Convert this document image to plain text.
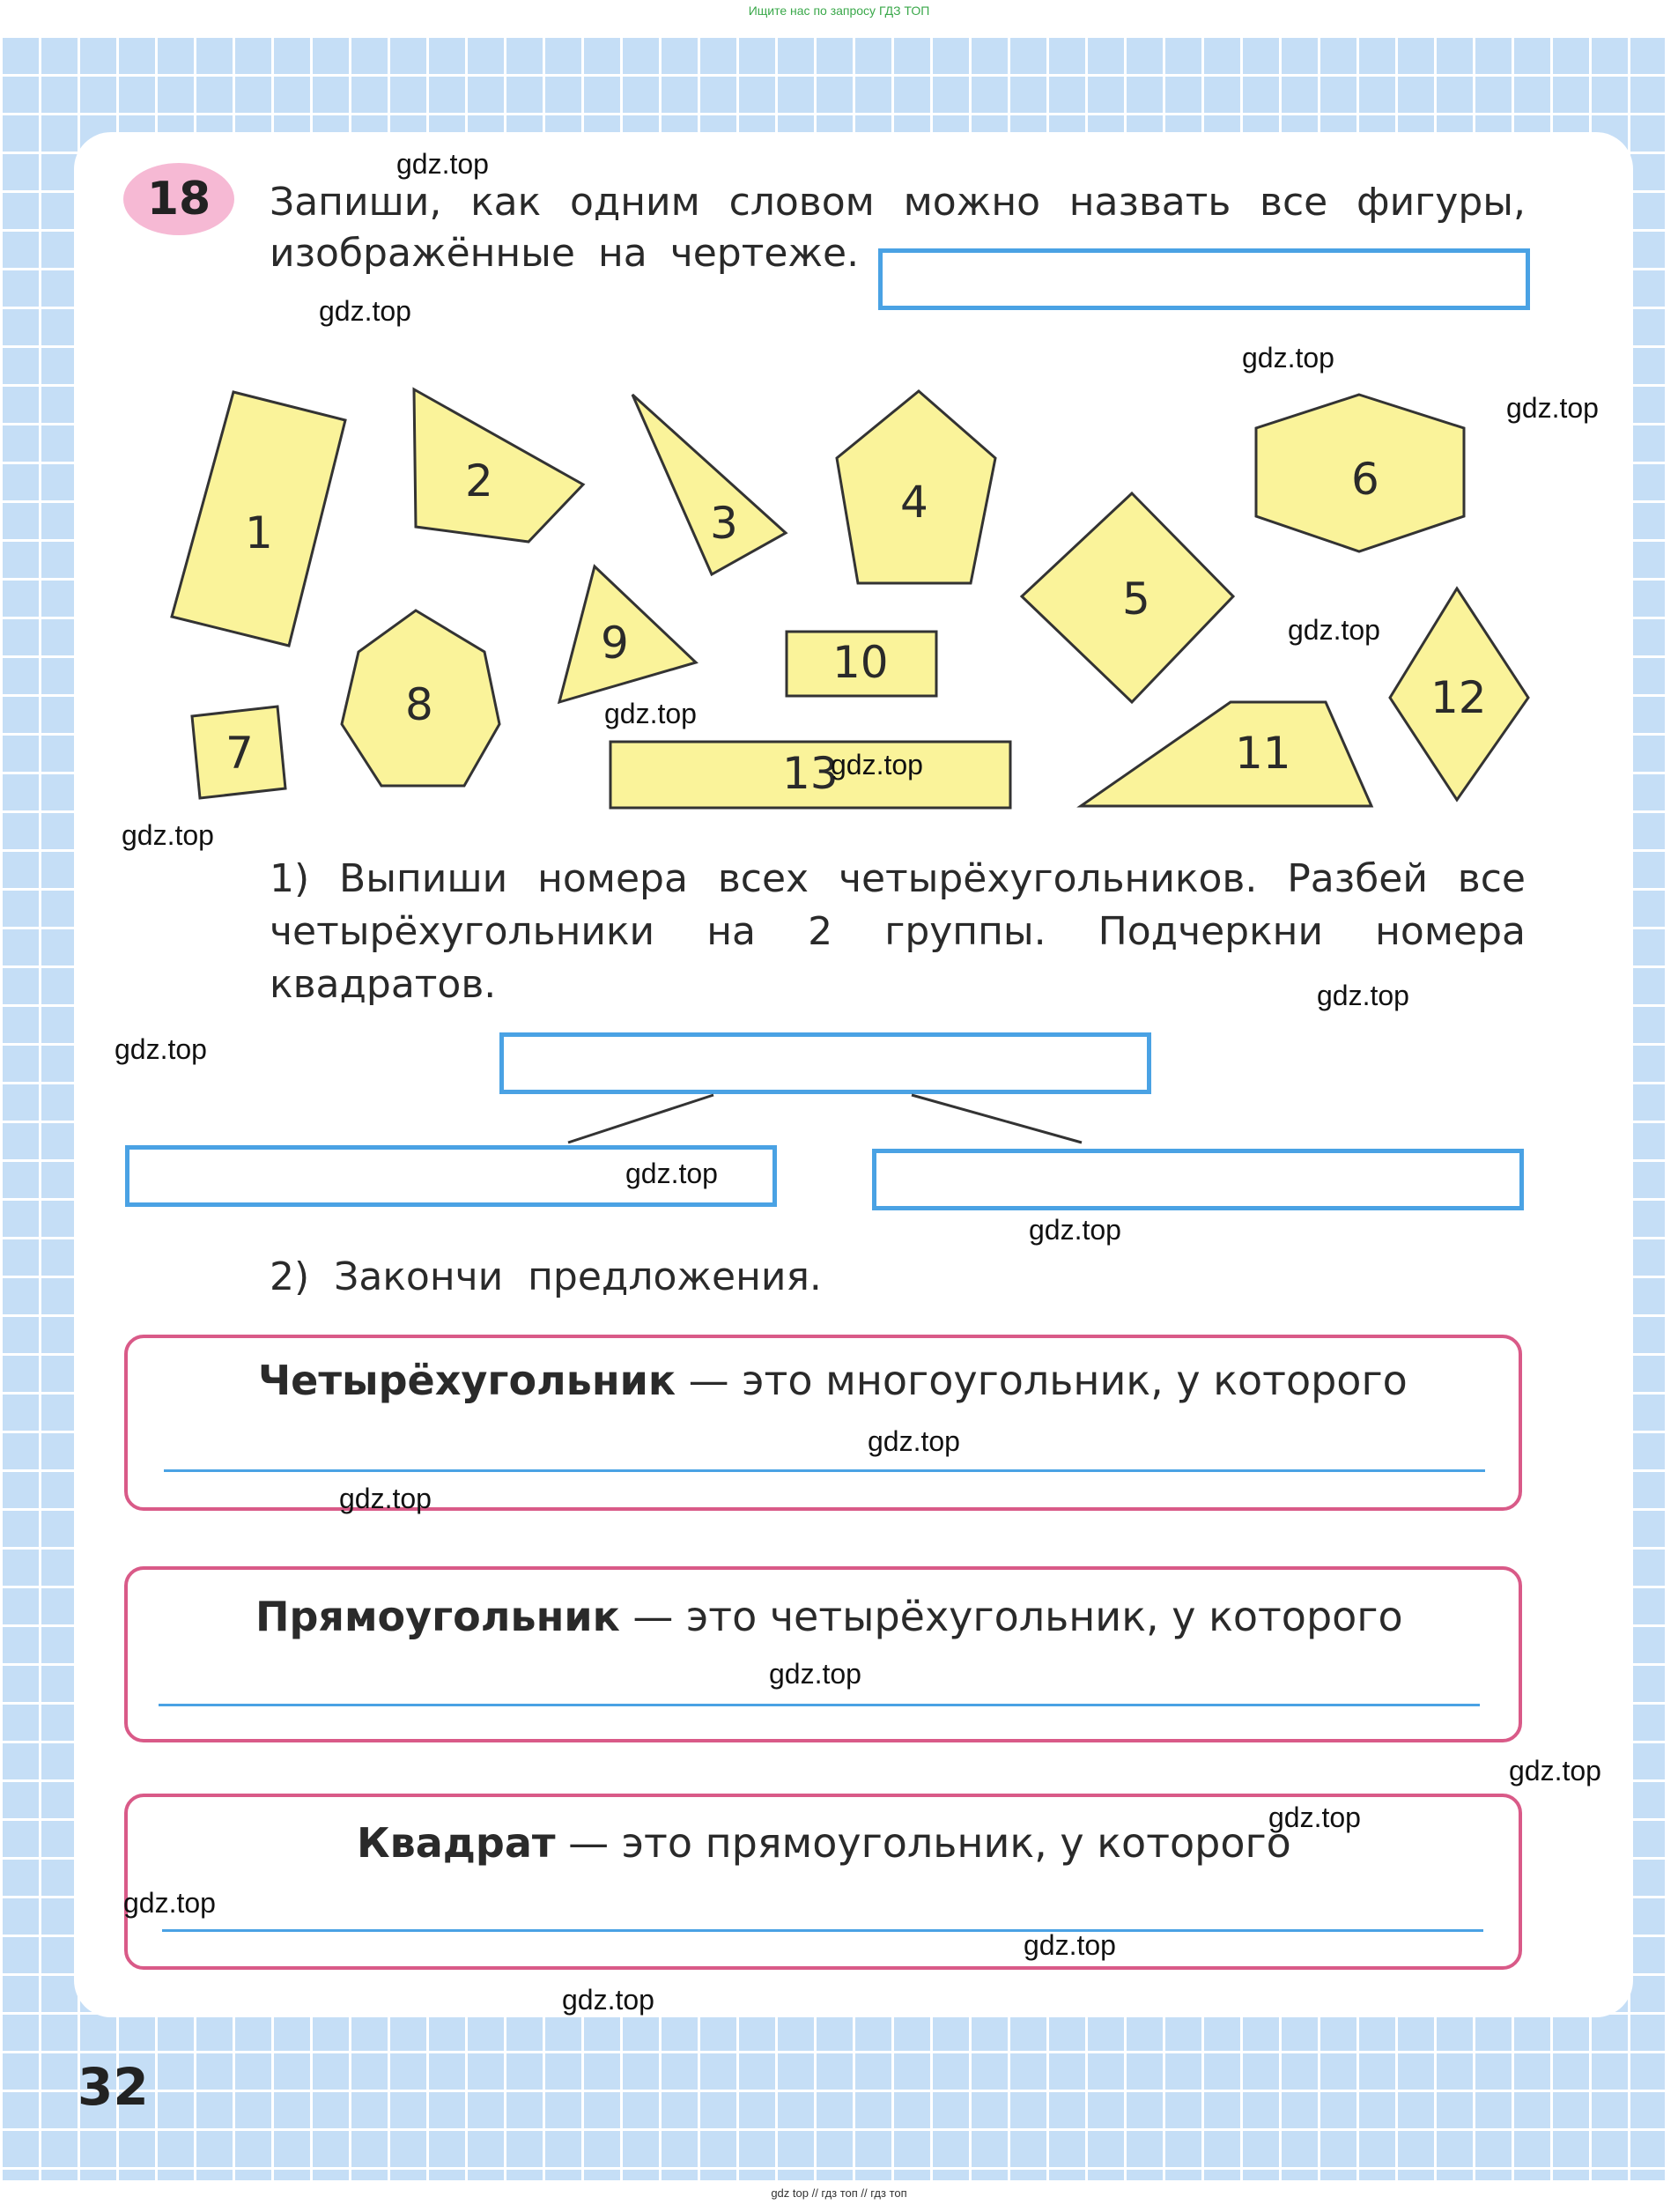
Ищите нас по запросу ГДЗ ТОП
18	Запиши, как одним словом можно назвать все фигуры,
изображённые на чертеже.
1
2
3	4
5
6
7
8
9	10
11
12
13
1) Выпиши номера всех четырёхугольников. Разбей все
четырёхугольники на 2 группы. Подчеркни номера
квадратов.
2) Закончи предложения.
Четырёхугольник — это многоугольник, у которого
Прямоугольник — это четырёхугольник, у которого
Квадрат — это прямоугольник, у которого
gdz.top
gdz.top
gdz.top
gdz.top
gdz.top
gdz.top
gdz.top
gdz.top
gdz.top
gdz.top
gdz.top
gdz.top
gdz.top
gdz.top
gdz.top
gdz.top
gdz.top
gdz.top
gdz.top
gdz.top
32
gdz top // гдз топ // гдз топ
